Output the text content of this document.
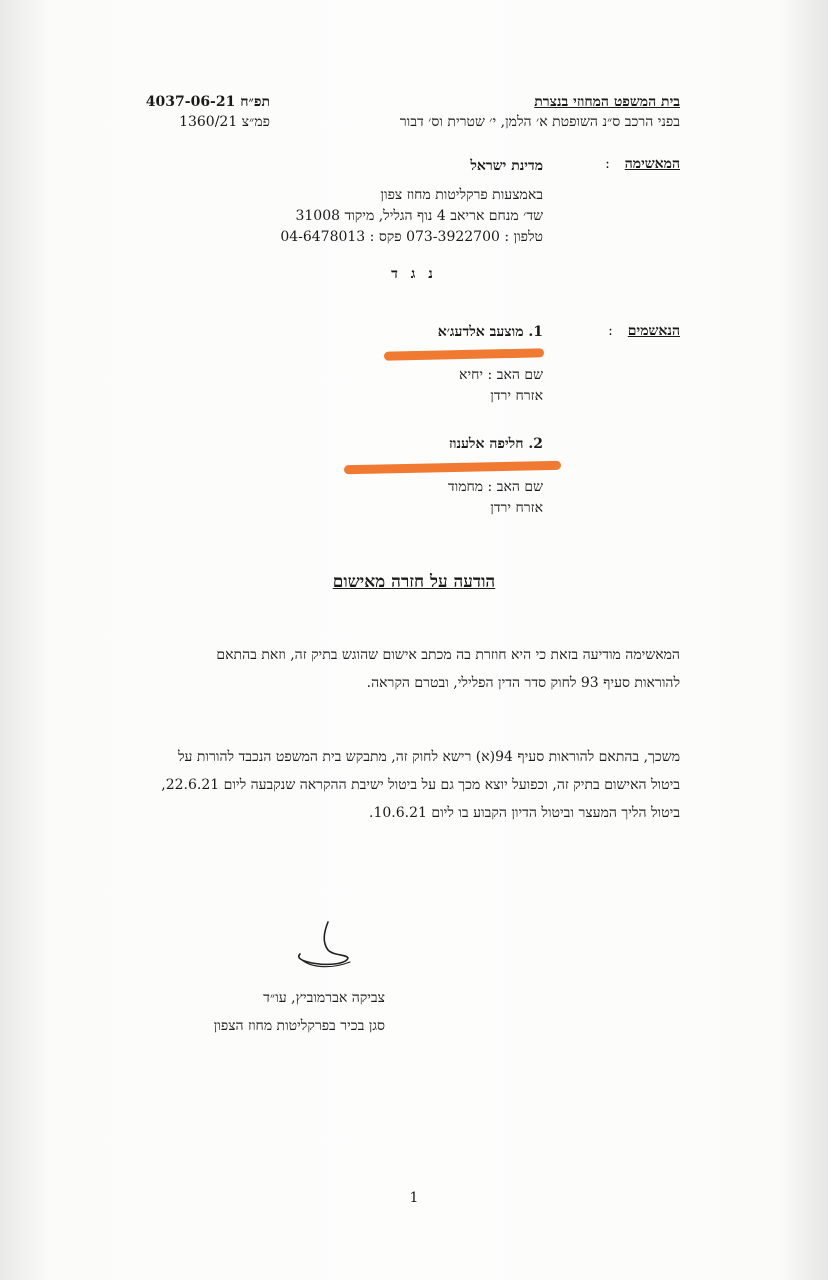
בית המשפט המחוזי בנצרת
בפני הרכב ס״נ השופטת א׳ הלמן, י׳ שטרית וס׳ דבור
תפ״ח 4037-06-21
פמ״צ 1360/21
המאשימה  :
מדינת ישראל
באמצעות פרקליטות מחוז צפון
שד׳ מנחם אריאב 4 נוף הגליל, מיקוד 31008
טלפון : 073-3922700 פקס : 04-6478013
נ ג ד
הנאשמים  :
1. מוצעב אלדעג׳א
שם האב : יחיא
אזרח ירדן
2. חליפה אלענוז
שם האב : מחמוד
אזרח ירדן
הודעה על חזרה מאישום
המאשימה מודיעה בזאת כי היא חוזרת בה מכתב אישום שהוגש בתיק זה, וזאת בהתאם
להוראות סעיף 93 לחוק סדר הדין הפלילי, ובטרם הקראה.
משכך, בהתאם להוראות סעיף 94(א) רישא לחוק זה, מתבקש בית המשפט הנכבד להורות על
ביטול האישום בתיק זה, וכפועל יוצא מכך גם על ביטול ישיבת ההקראה שנקבעה ליום 22.6.21,
ביטול הליך המעצר וביטול הדיון הקבוע בו ליום 10.6.21.
צביקה אברמוביץ, עו״ד
סגן בכיר בפרקליטות מחוז הצפון
1
